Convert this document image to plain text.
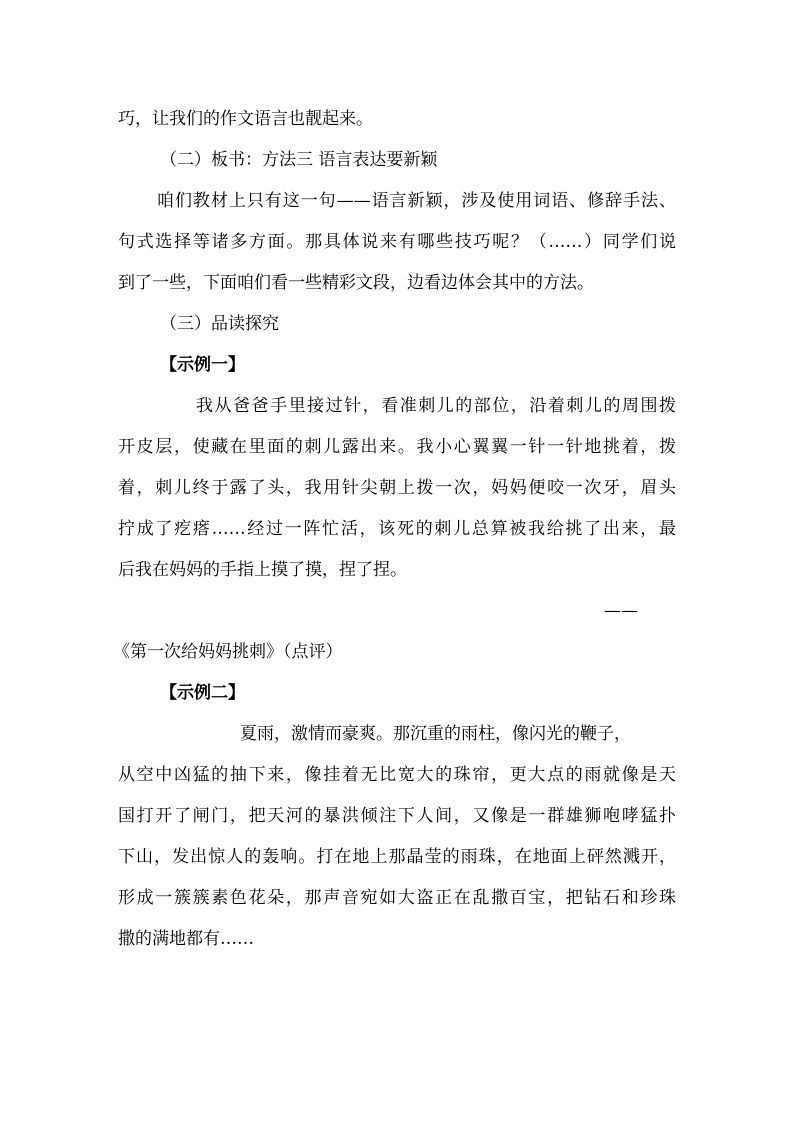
巧，让我们的作文语言也靓起来。
（二）板书：方法三 语言表达要新颖
咱们教材上只有这一句——语言新颖，涉及使用词语、修辞手法、
句式选择等诸多方面。那具体说来有哪些技巧呢？（……）同学们说
到了一些，下面咱们看一些精彩文段，边看边体会其中的方法。
（三）品读探究
【示例一】
我从爸爸手里接过针，看准刺儿的部位，沿着刺儿的周围拨
开皮层，使藏在里面的刺儿露出来。我小心翼翼一针一针地挑着，拨
着，刺儿终于露了头，我用针尖朝上拨一次，妈妈便咬一次牙，眉头
拧成了疙瘩……经过一阵忙活，该死的刺儿总算被我给挑了出来，最
后我在妈妈的手指上摸了摸，捏了捏。
——
《第一次给妈妈挑刺》（点评）
【示例二】
夏雨，激情而豪爽。那沉重的雨柱，像闪光的鞭子，
从空中凶猛的抽下来，像挂着无比宽大的珠帘，更大点的雨就像是天
国打开了闸门，把天河的暴洪倾注下人间，又像是一群雄狮咆哮猛扑
下山，发出惊人的轰响。打在地上那晶莹的雨珠，在地面上砰然溅开，
形成一簇簇素色花朵，那声音宛如大盗正在乱撒百宝，把钻石和珍珠
撒的满地都有……
